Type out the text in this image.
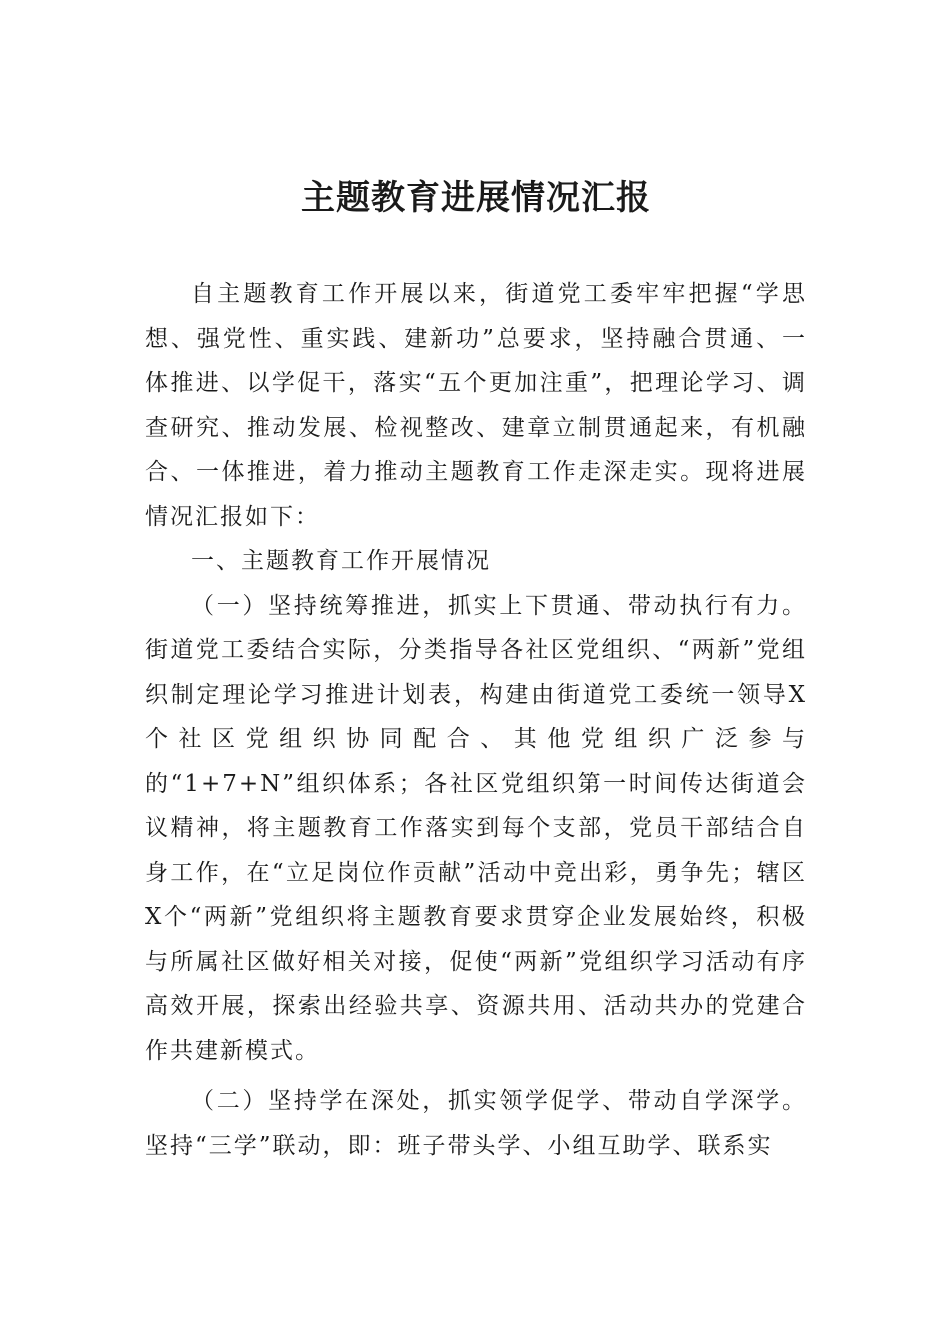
主题教育进展情况汇报

自主题教育工作开展以来，街道党工委牢牢把握“学思想、强党性、重实践、建新功”总要求，坚持融合贯通、一体推进、以学促干，落实“五个更加注重”，把理论学习、调查研究、推动发展、检视整改、建章立制贯通起来，有机融合、一体推进，着力推动主题教育工作走深走实。现将进展情况汇报如下：

一、主题教育工作开展情况

（一）坚持统筹推进，抓实上下贯通、带动执行有力。街道党工委结合实际，分类指导各社区党组织、“两新”党组织制定理论学习推进计划表，构建由街道党工委统一领导X个社区党组织协同配合、其他党组织广泛参与的“1+7+N”组织体系；各社区党组织第一时间传达街道会议精神，将主题教育工作落实到每个支部，党员干部结合自身工作，在“立足岗位作贡献”活动中竞出彩，勇争先；辖区X个“两新”党组织将主题教育要求贯穿企业发展始终，积极与所属社区做好相关对接，促使“两新”党组织学习活动有序高效开展，探索出经验共享、资源共用、活动共办的党建合作共建新模式。

（二）坚持学在深处，抓实领学促学、带动自学深学。坚持“三学”联动，即：班子带头学、小组互助学、联系实
